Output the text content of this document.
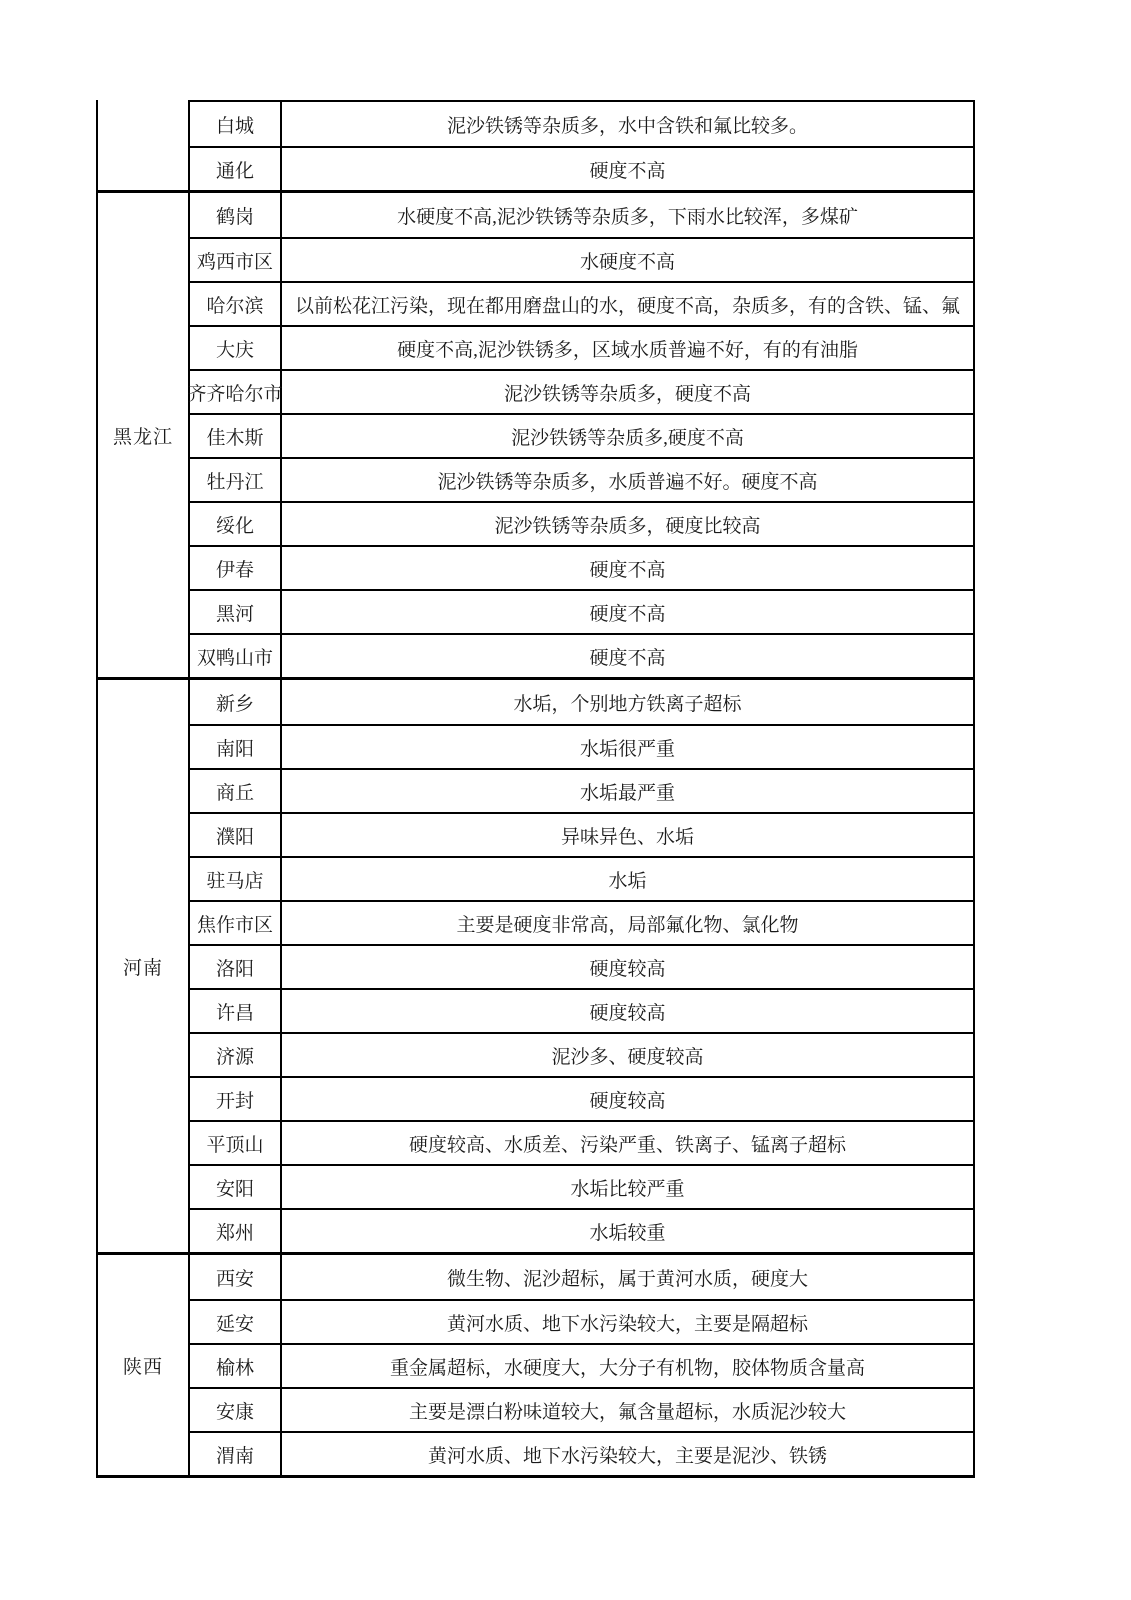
白城	泥沙铁锈等杂质多，水中含铁和氟比较多。
通化	硬度不高
黑龙江
鹤岗	水硬度不高,泥沙铁锈等杂质多，下雨水比较浑，多煤矿
鸡西市区	水硬度不高
哈尔滨	以前松花江污染，现在都用磨盘山的水，硬度不高，杂质多，有的含铁、锰、氟
大庆	硬度不高,泥沙铁锈多，区域水质普遍不好，有的有油脂
齐齐哈尔市	泥沙铁锈等杂质多，硬度不高
佳木斯	泥沙铁锈等杂质多,硬度不高
牡丹江	泥沙铁锈等杂质多，水质普遍不好。硬度不高
绥化	泥沙铁锈等杂质多，硬度比较高
伊春	硬度不高
黑河	硬度不高
双鸭山市	硬度不高
河南
新乡	水垢，个别地方铁离子超标
南阳	水垢很严重
商丘	水垢最严重
濮阳	异味异色、水垢
驻马店	水垢
焦作市区	主要是硬度非常高，局部氟化物、氯化物
洛阳	硬度较高
许昌	硬度较高
济源	泥沙多、硬度较高
开封	硬度较高
平顶山	硬度较高、水质差、污染严重、铁离子、锰离子超标
安阳	水垢比较严重
郑州	水垢较重
陕西
西安	微生物、泥沙超标，属于黄河水质，硬度大
延安	黄河水质、地下水污染较大，主要是隔超标
榆林	重金属超标，水硬度大，大分子有机物，胶体物质含量高
安康	主要是漂白粉味道较大，氟含量超标，水质泥沙较大
渭南	黄河水质、地下水污染较大，主要是泥沙、铁锈
